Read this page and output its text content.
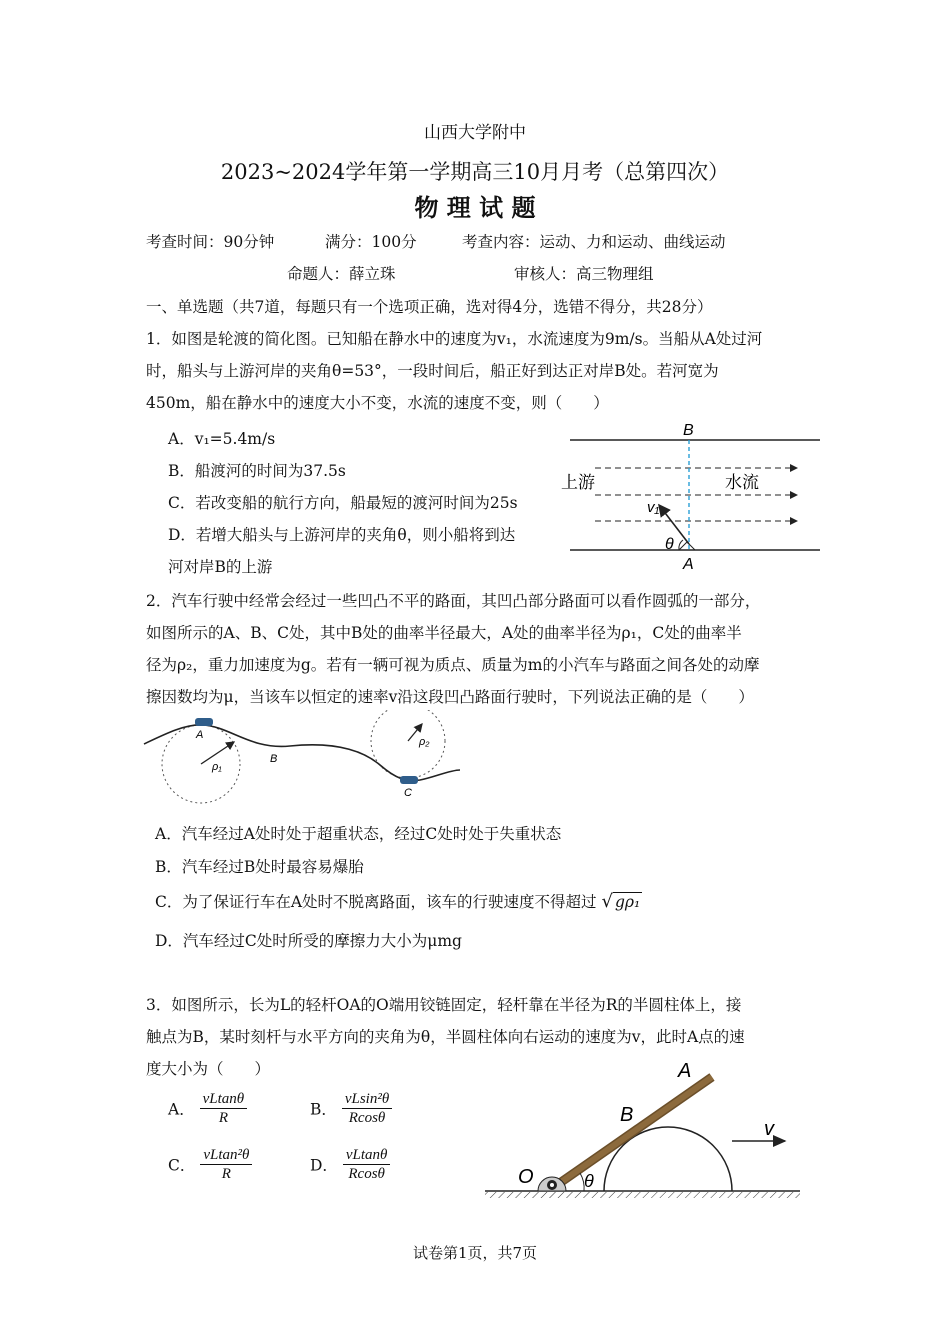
山西大学附中
2023~2024学年第一学期高三10月月考（总第四次）
物 理 试 题
考查时间：90分钟	满分：100分	考查内容：运动、力和运动、曲线运动
命题人：薛立珠	审核人：高三物理组
一、单选题（共7道，每题只有一个选项正确，选对得4分，选错不得分，共28分）
1．如图是轮渡的简化图。已知船在静水中的速度为v₁，水流速度为9m/s。当船从A处过河
时，船头与上游河岸的夹角θ=53°，一段时间后，船正好到达正对岸B处。若河宽为
450m，船在静水中的速度大小不变，水流的速度不变，则（　　）
A．v₁=5.4m/s
B．船渡河的时间为37.5s
C．若改变船的航行方向，船最短的渡河时间为25s
D．若增大船头与上游河岸的夹角θ，则小船将到达
河对岸B的上游
B
A
上游	水流
v₁
θ
2．汽车行驶中经常会经过一些凹凸不平的路面，其凹凸部分路面可以看作圆弧的一部分，
如图所示的A、B、C处，其中B处的曲率半径最大，A处的曲率半径为ρ₁，C处的曲率半
径为ρ₂，重力加速度为g。若有一辆可视为质点、质量为m的小汽车与路面之间各处的动摩
擦因数均为μ，当该车以恒定的速率v沿这段凹凸路面行驶时，下列说法正确的是（　　）
A
B
C
ρ₁
ρ₂
A．汽车经过A处时处于超重状态，经过C处时处于失重状态
B．汽车经过B处时最容易爆胎
C．为了保证行车在A处时不脱离路面，该车的行驶速度不得超过 √ gρ₁
D．汽车经过C处时所受的摩擦力大小为μmg
3．如图所示，长为L的轻杆OA的O端用铰链固定，轻杆靠在半径为R的半圆柱体上，接
触点为B，某时刻杆与水平方向的夹角为θ，半圆柱体向右运动的速度为v，此时A点的速
度大小为（　　）
A． $\frac{vLtan\theta}{R}$	B． $\frac{\text{vLsin²θ}}{Rcos\theta}$
C． $\frac{\text{vLtan²θ}}{R}$	D． $\frac{vLtan\theta}{Rcos\theta}$
A
B
O	θ
v
试卷第1页，共7页
